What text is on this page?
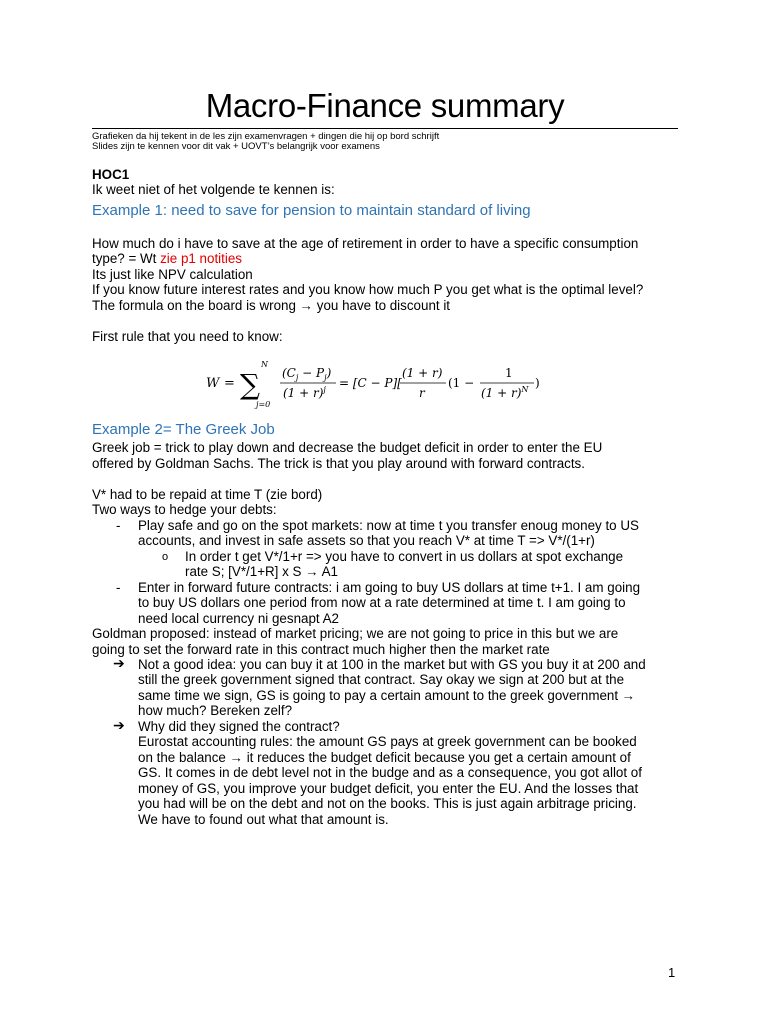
Macro-Finance summary
Grafieken da hij tekent in de les zijn examenvragen + dingen die hij op bord schrijft
Slides zijn te kennen voor dit vak + UOVT’s belangrijk voor examens
HOC1
Ik weet niet of het volgende te kennen is:
Example 1: need to save for pension to maintain standard of living
How much do i have to save at the age of retirement in order to have a specific consumption
type? = Wt zie p1 notities
Its just like NPV calculation
If you know future interest rates and you know how much P you get what is the optimal level?
The formula on the board is wrong → you have to discount it
First rule that you need to know:
W =
N
∑
j=0
$(C_j - P_j)$
$(1 + r)^j = [C - P]$[
(1 + r)
r
(1 −
1
$(1 + r)^N$ )
Example 2= The Greek Job
Greek job = trick to play down and decrease the budget deficit in order to enter the EU
offered by Goldman Sachs. The trick is that you play around with forward contracts.
V* had to be repaid at time T (zie bord)
Two ways to hedge your debts:
- Play safe and go on the spot markets: now at time t you transfer enoug money to US
accounts, and invest in safe assets so that you reach V* at time T => V*/(1+r)
o In order t get V*/1+r => you have to convert in us dollars at spot exchange
rate S; [V*/1+R] x S → A1
- Enter in forward future contracts: i am going to buy US dollars at time t+1. I am going
to buy US dollars one period from now at a rate determined at time t. I am going to
need local currency ni gesnapt A2
Goldman proposed: instead of market pricing; we are not going to price in this but we are
going to set the forward rate in this contract much higher then the market rate
➔ Not a good idea: you can buy it at 100 in the market but with GS you buy it at 200 and
still the greek government signed that contract. Say okay we sign at 200 but at the
same time we sign, GS is going to pay a certain amount to the greek government →
how much? Bereken zelf?
➔ Why did they signed the contract?
Eurostat accounting rules: the amount GS pays at greek government can be booked
on the balance → it reduces the budget deficit because you get a certain amount of
GS. It comes in de debt level not in the budge and as a consequence, you got allot of
money of GS, you improve your budget deficit, you enter the EU. And the losses that
you had will be on the debt and not on the books. This is just again arbitrage pricing.
We have to found out what that amount is.
1
